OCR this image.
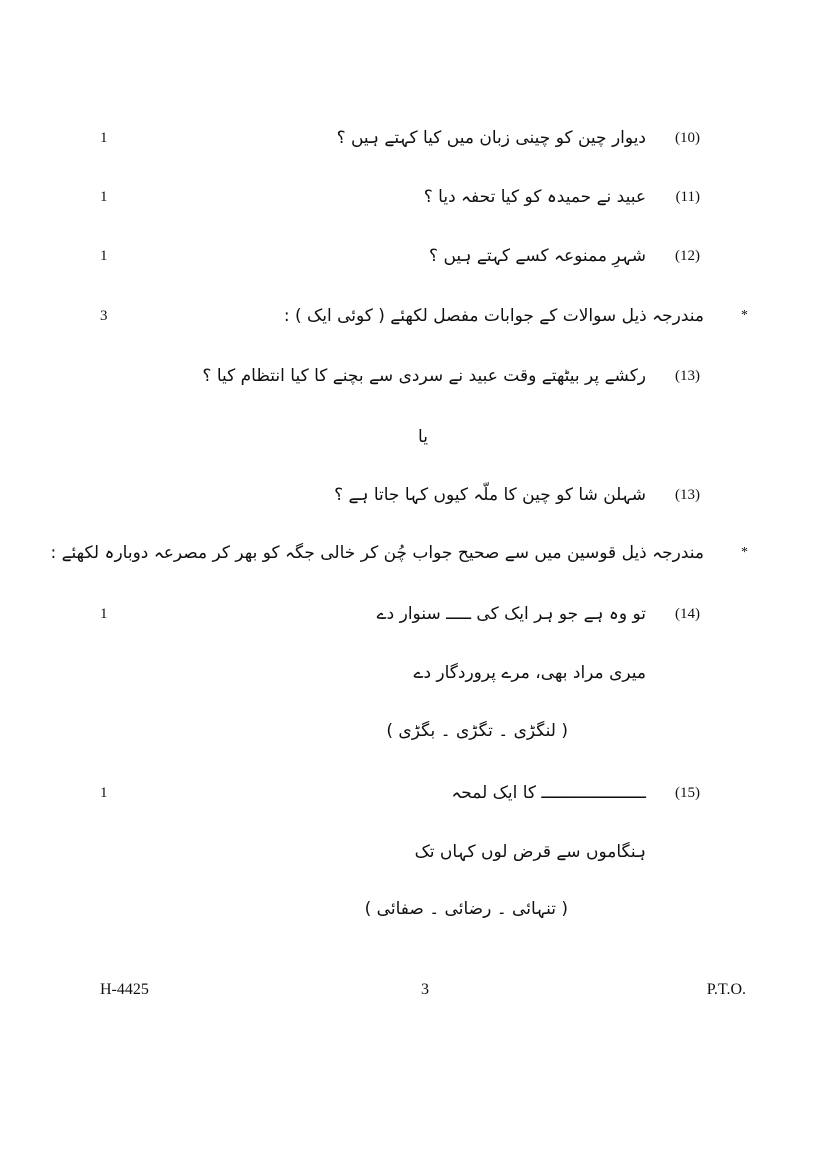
1	دیوار چین کو چینی زبان میں کیا کہتے ہیں ؟ (10)
1	عبید نے حمیدہ کو کیا تحفہ دیا ؟ (11)
1	شہرِ ممنوعہ کسے کہتے ہیں ؟ (12)
3	مندرجہ ذیل سوالات کے جوابات مفصل لکھئے ( کوئی ایک ) :	*
رکشے پر بیٹھتے وقت عبید نے سردی سے بچنے کا کیا انتظام کیا ؟ (13)
یا
شہلن شا کو چین کا ملّہ کیوں کہا جاتا ہے ؟ (13)
مندرجہ ذیل قوسین میں سے صحیح جواب چُن کر خالی جگہ کو بھر کر مصرعہ دوبارہ لکھئے :	*
1	تو وہ ہے جو ہر ایک کی ـــــ سنوار دے (14)
میری مراد بھی، مرے پروردگار دے
( لنگڑی ۔ تگڑی ۔ بگڑی )
1	ـــــــــــــــــــــ کا ایک لمحہ (15)
ہنگاموں سے قرض لوں کہاں تک
( تنہائی ۔ رضائی ۔ صفائی )
H-4425	3	P.T.O.
